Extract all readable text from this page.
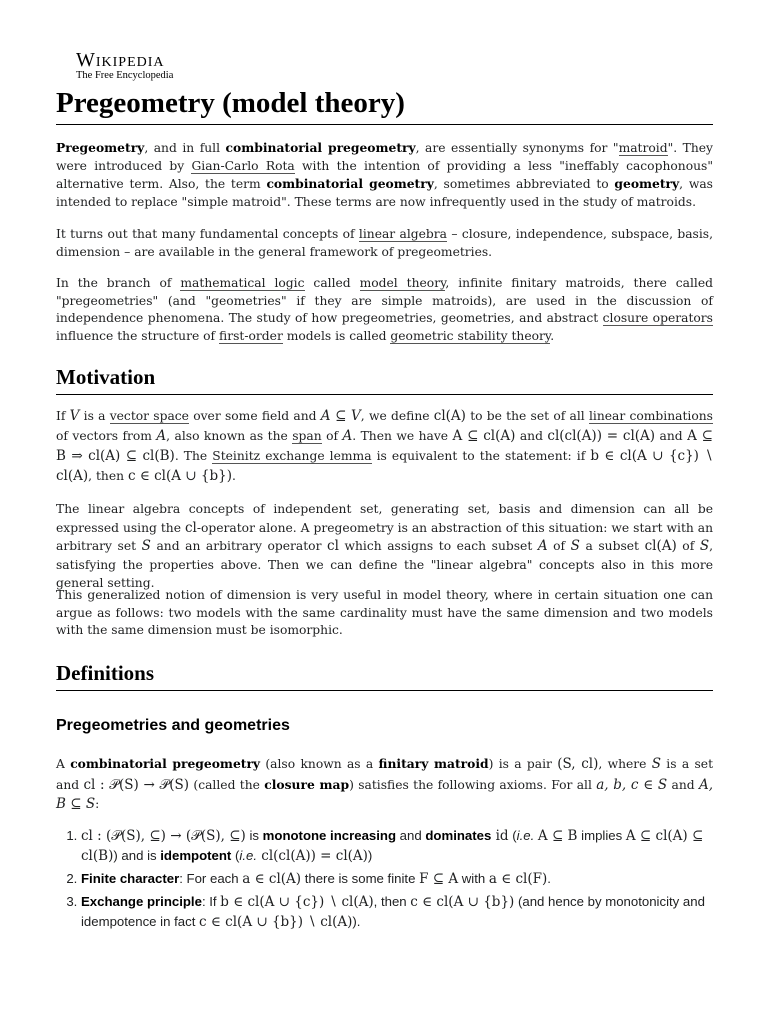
Wikipedia
The Free Encyclopedia
Pregeometry (model theory)

Pregeometry, and in full combinatorial pregeometry, are essentially synonyms for "matroid". They were introduced by Gian-Carlo Rota with the intention of providing a less "ineffably cacophonous" alternative term. Also, the term combinatorial geometry, sometimes abbreviated to geometry, was intended to replace "simple matroid". These terms are now infrequently used in the study of matroids.

It turns out that many fundamental concepts of linear algebra – closure, independence, subspace, basis, dimension – are available in the general framework of pregeometries.

In the branch of mathematical logic called model theory, infinite finitary matroids, there called "pregeometries" (and "geometries" if they are simple matroids), are used in the discussion of independence phenomena. The study of how pregeometries, geometries, and abstract closure operators influence the structure of first-order models is called geometric stability theory.

Motivation

If V is a vector space over some field and A ⊆ V, we define cl(A) to be the set of all linear combinations of vectors from A, also known as the span of A. Then we have A ⊆ cl(A) and cl(cl(A)) = cl(A) and A ⊆ B ⇒ cl(A) ⊆ cl(B). The Steinitz exchange lemma is equivalent to the statement: if b ∈ cl(A ∪ {c}) ∖ cl(A), then c ∈ cl(A ∪ {b}).

The linear algebra concepts of independent set, generating set, basis and dimension can all be expressed using the cl-operator alone. A pregeometry is an abstraction of this situation: we start with an arbitrary set S and an arbitrary operator cl which assigns to each subset A of S a subset cl(A) of S, satisfying the properties above. Then we can define the "linear algebra" concepts also in this more general setting.

This generalized notion of dimension is very useful in model theory, where in certain situation one can argue as follows: two models with the same cardinality must have the same dimension and two models with the same dimension must be isomorphic.

Definitions
Pregeometries and geometries

A combinatorial pregeometry (also known as a finitary matroid) is a pair (S, cl), where S is a set and cl : 𝒫(S) → 𝒫(S) (called the closure map) satisfies the following axioms. For all a, b, c ∈ S and A, B ⊆ S:

1. cl : (𝒫(S), ⊆) → (𝒫(S), ⊆) is monotone increasing and dominates id (i.e. A ⊆ B implies A ⊆ cl(A) ⊆ cl(B)) and is idempotent (i.e. cl(cl(A)) = cl(A))
2. Finite character: For each a ∈ cl(A) there is some finite F ⊆ A with a ∈ cl(F).
3. Exchange principle: If b ∈ cl(A ∪ {c}) ∖ cl(A), then c ∈ cl(A ∪ {b}) (and hence by monotonicity and idempotence in fact c ∈ cl(A ∪ {b}) ∖ cl(A)).
